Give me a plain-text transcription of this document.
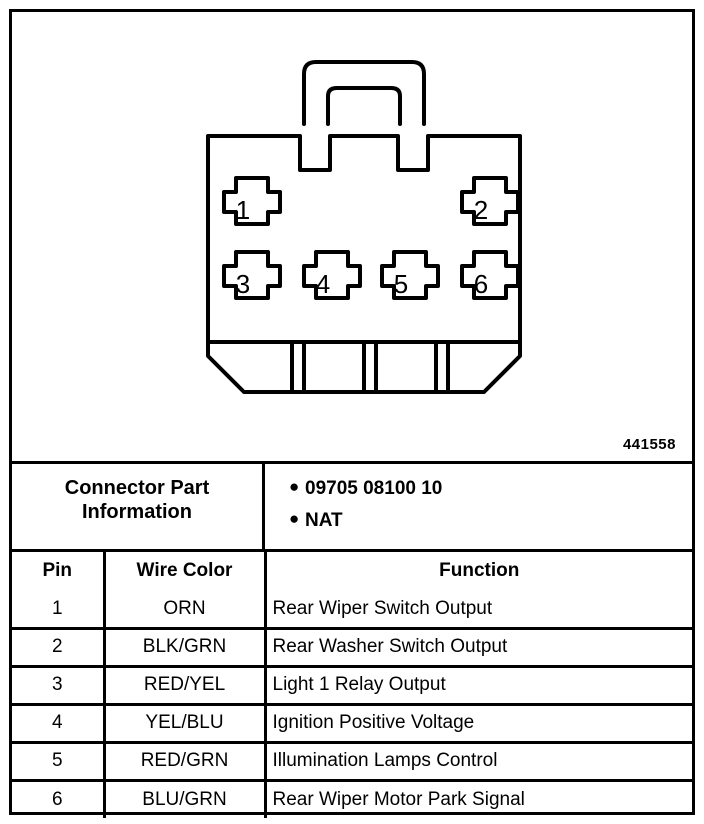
1	2
3	4 5	6
441558
Connector Part
Information
● 09705 08100 10
● NAT
Pin	Wire Color	Function
1	ORN	Rear Wiper Switch Output
2	BLK/GRN	Rear Washer Switch Output
3	RED/YEL	Light 1 Relay Output
4	YEL/BLU	Ignition Positive Voltage
5	RED/GRN	Illumination Lamps Control
6	BLU/GRN	Rear Wiper Motor Park Signal
